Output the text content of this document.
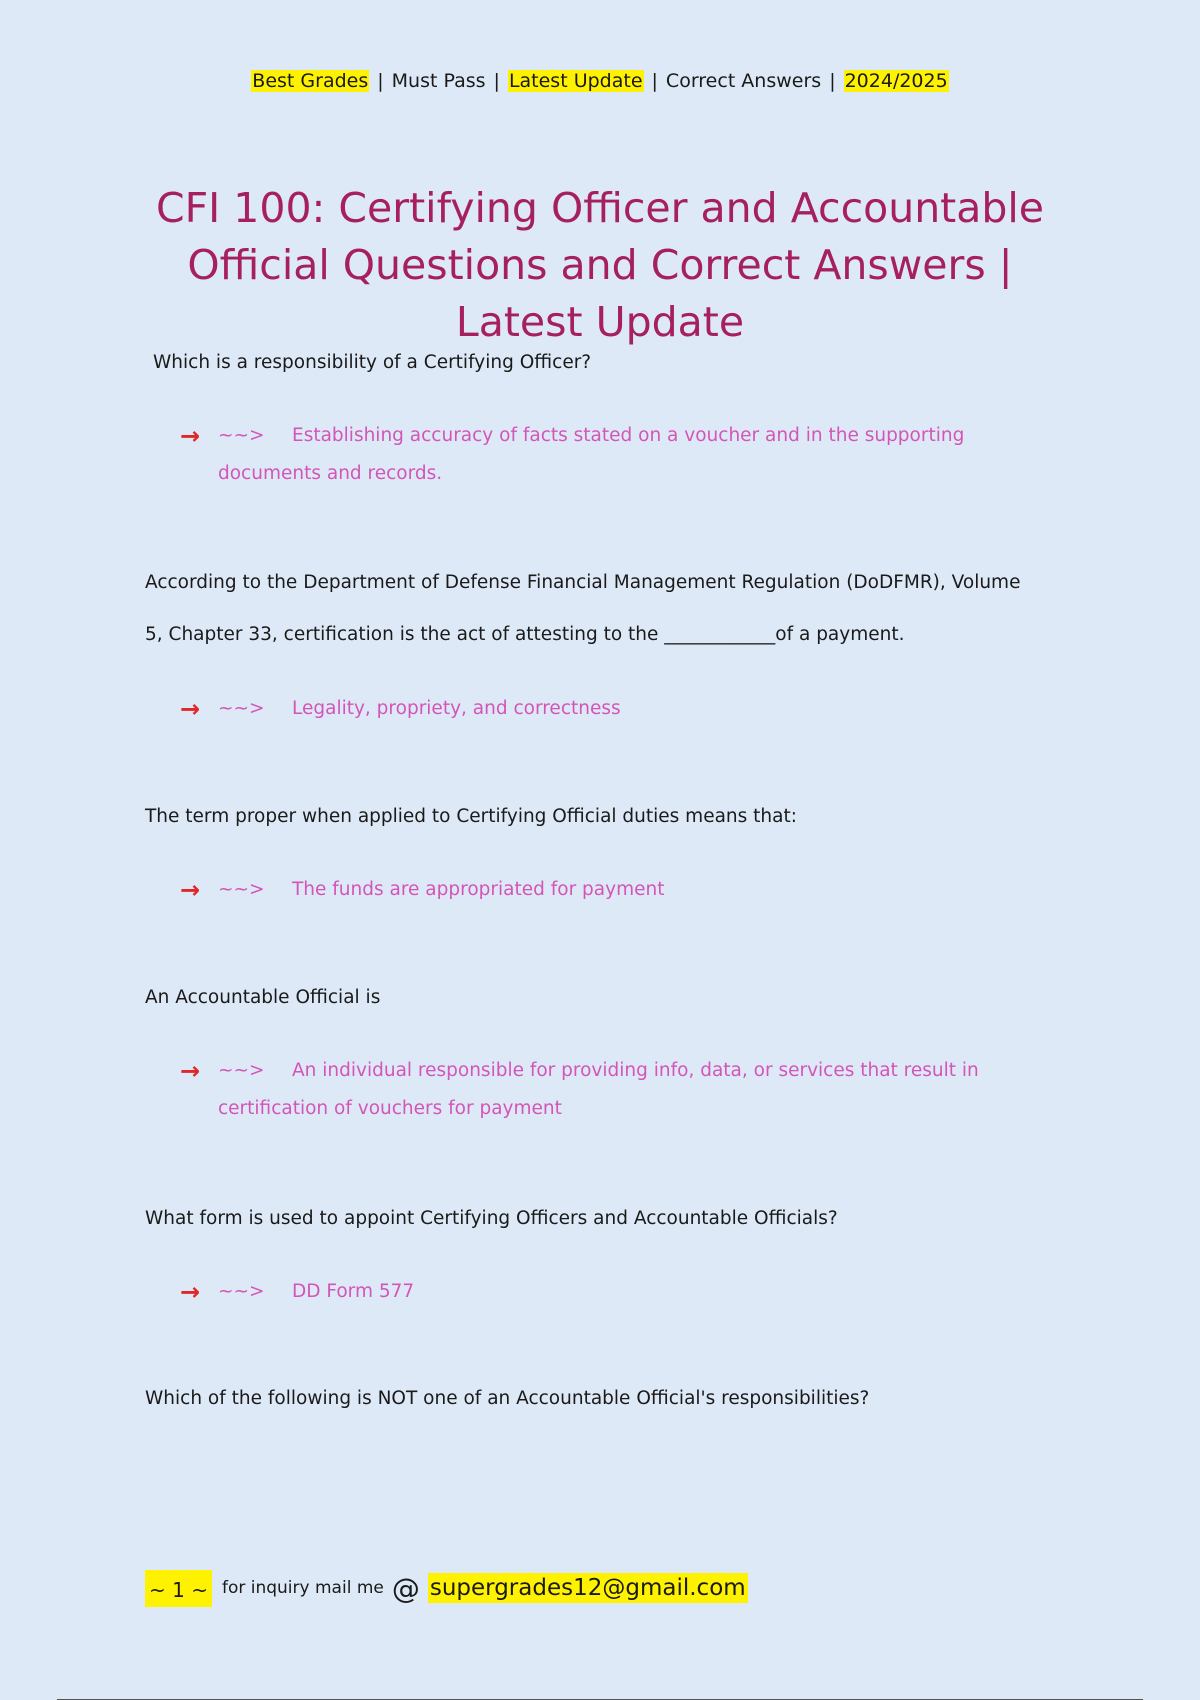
Best Grades | Must Pass | Latest Update | Correct Answers | 2024/2025
CFI 100: Certifying Officer and Accountable Official Questions and Correct Answers | Latest Update

Which is a responsibility of a Certifying Officer?

→ ~~>	Establishing accuracy of facts stated on a voucher and in the supporting documents and records.

According to the Department of Defense Financial Management Regulation (DoDFMR), Volume

5, Chapter 33, certification is the act of attesting to the ____________of a payment.

→ ~~>	Legality, propriety, and correctness

The term proper when applied to Certifying Official duties means that:

→ ~~>	The funds are appropriated for payment

An Accountable Official is

→ ~~>	An individual responsible for providing info, data, or services that result in certification of vouchers for payment

What form is used to appoint Certifying Officers and Accountable Officials?

→ ~~>	DD Form 577

Which of the following is NOT one of an Accountable Official's responsibilities?

~ 1 ~ for inquiry mail me @ supergrades12@gmail.com
